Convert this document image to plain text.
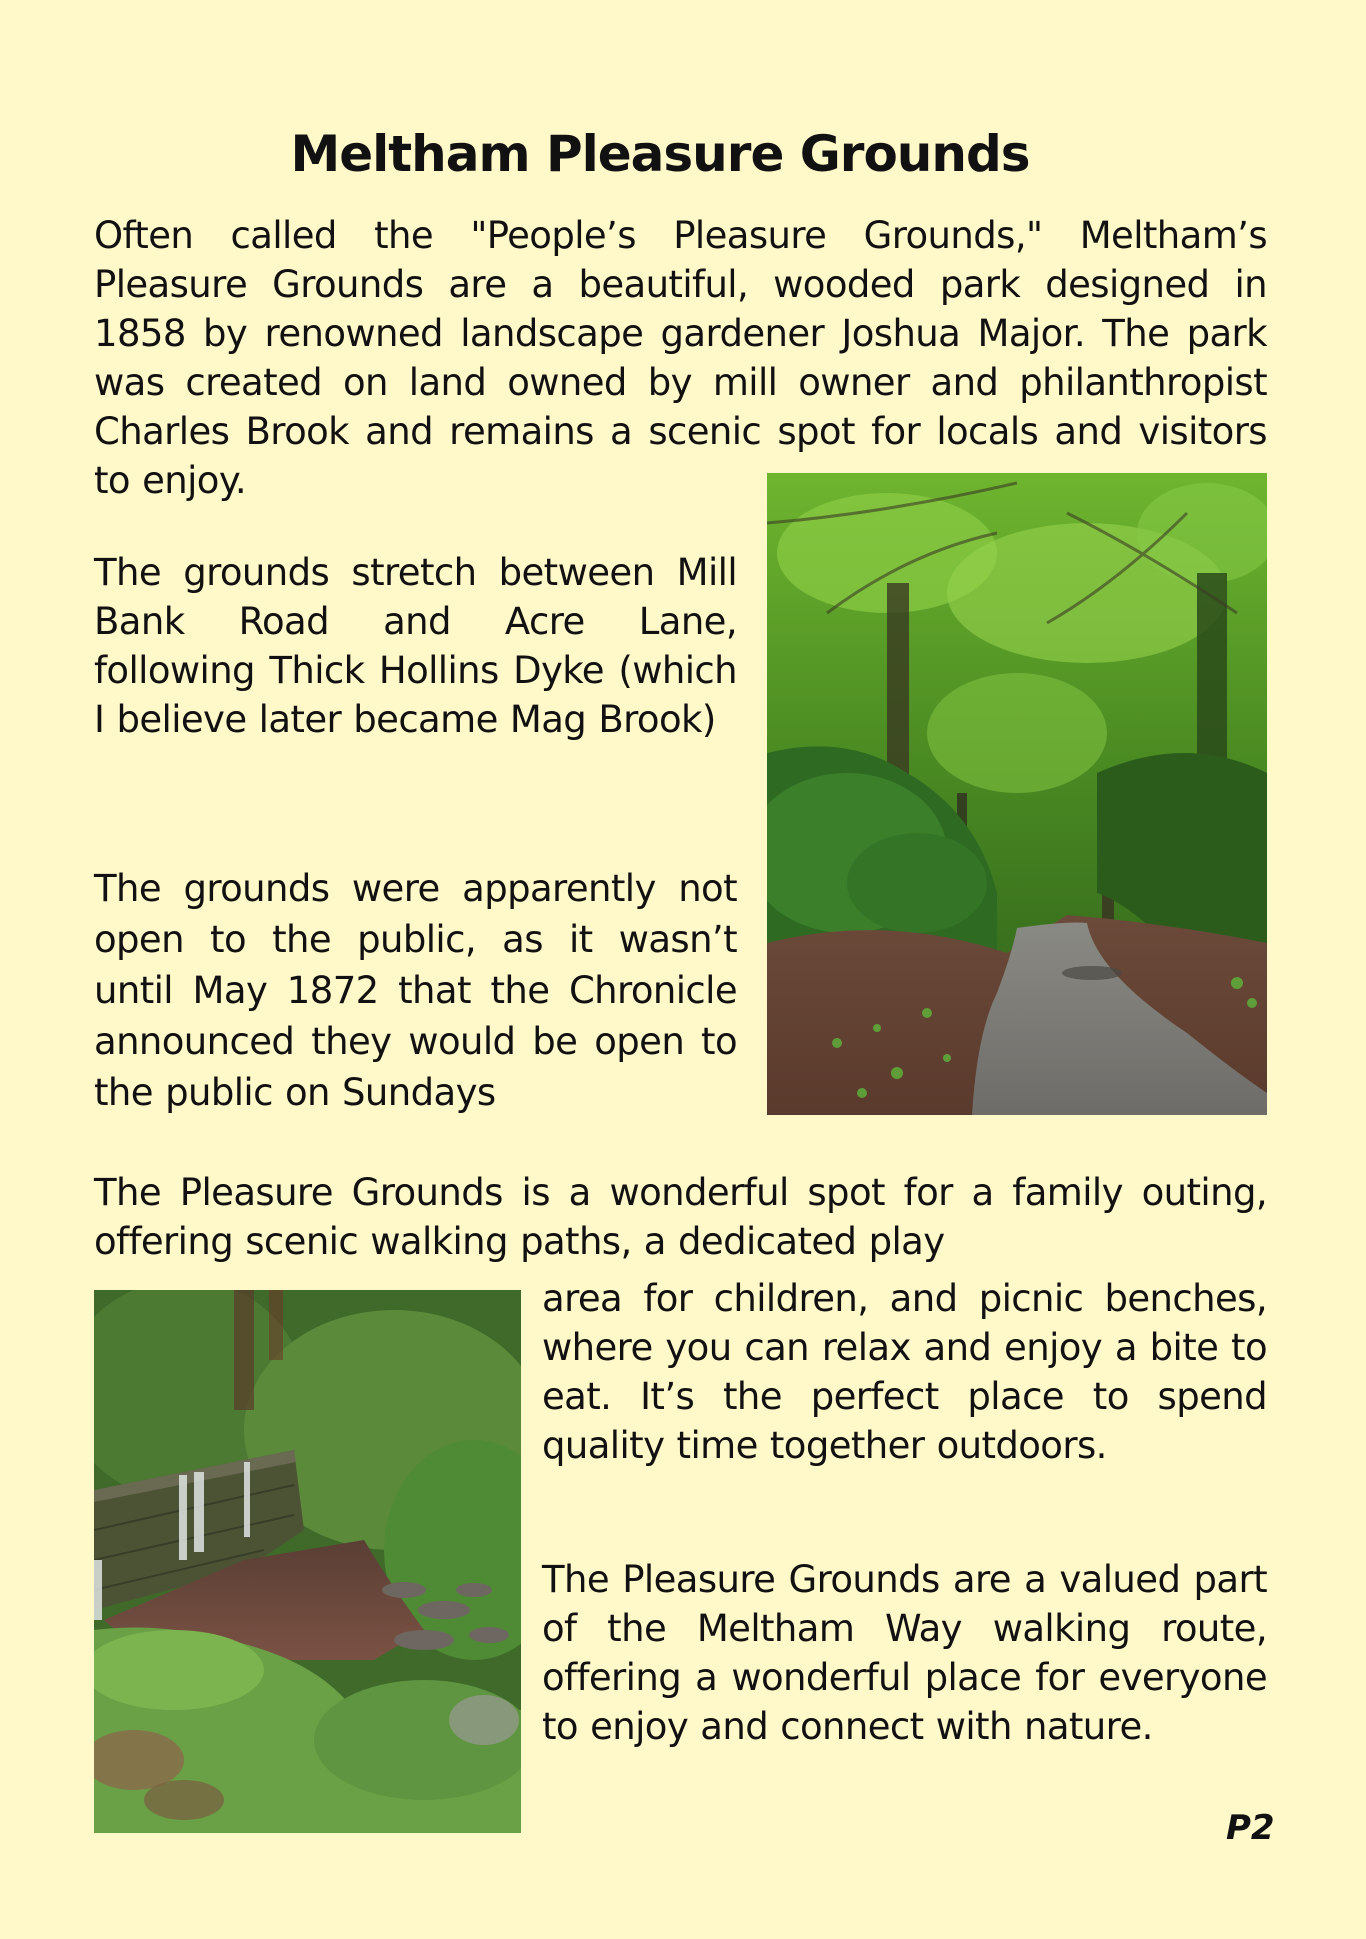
Meltham Pleasure Grounds

Often called the "People’s Pleasure Grounds," Meltham’s Pleasure Grounds are a beautiful, wooded park designed in 1858 by renowned landscape gardener Joshua Major. The park was created on land owned by mill owner and philanthropist Charles Brook and remains a scenic spot for locals and visitors to enjoy.

The grounds stretch between Mill Bank Road and Acre Lane, following Thick Hollins Dyke (which I believe later became Mag Brook)

The grounds were apparently not open to the public, as it wasn’t until May 1872 that the Chronicle announced they would be open to the public on Sundays

The Pleasure Grounds is a wonderful spot for a family outing, offering scenic walking paths, a dedicated play

area for children, and picnic benches, where you can relax and enjoy a bite to eat. It’s the perfect place to spend quality time together outdoors.

The Pleasure Grounds are a valued part of the Meltham Way walking route, offering a wonderful place for everyone to enjoy and connect with nature.

P2
